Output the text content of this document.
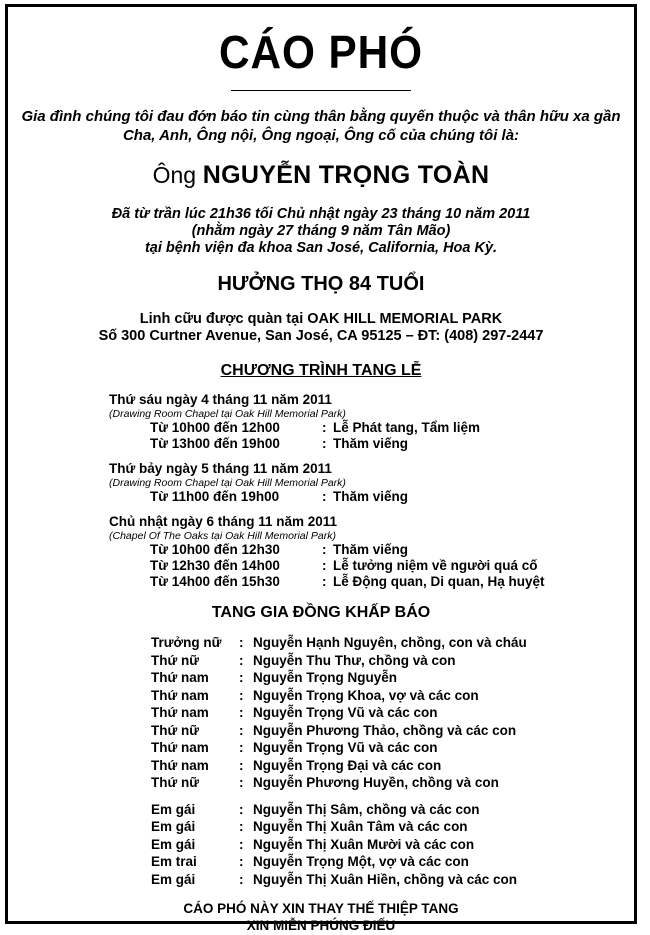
CÁO PHÓ
Gia đình chúng tôi đau đớn báo tin cùng thân bằng quyến thuộc và thân hữu xa gần
Cha, Anh, Ông nội, Ông ngoại, Ông cố của chúng tôi là:
Ông NGUYỄN TRỌNG TOÀN
Đã từ trần lúc 21h36 tối Chủ nhật ngày 23 tháng 10 năm 2011
(nhằm ngày 27 tháng 9 năm Tân Mão)
tại bệnh viện đa khoa San José, California, Hoa Kỳ.
HƯỞNG THỌ 84 TUỔI
Linh cữu được quàn tại OAK HILL MEMORIAL PARK
Số 300 Curtner Avenue, San José, CA 95125 – ĐT: (408) 297-2447
CHƯƠNG TRÌNH TANG LỄ
Thứ sáu ngày 4 tháng 11 năm 2011
(Drawing Room Chapel tại Oak Hill Memorial Park)
Từ 10h00 đến 12h00	: Lễ Phát tang, Tẩm liệm
Từ 13h00 đến 19h00	: Thăm viếng
Thứ bảy ngày 5 tháng 11 năm 2011
(Drawing Room Chapel tại Oak Hill Memorial Park)
Từ 11h00 đến 19h00	: Thăm viếng
Chủ nhật ngày 6 tháng 11 năm 2011
(Chapel Of The Oaks tại Oak Hill Memorial Park)
Từ 10h00 đến 12h30	: Thăm viếng
Từ 12h30 đến 14h00	: Lễ tưởng niệm về người quá cố
Từ 14h00 đến 15h30	: Lễ Động quan, Di quan, Hạ huyệt
TANG GIA ĐỒNG KHẤP BÁO
Trưởng nữ	: Nguyễn Hạnh Nguyên, chồng, con và cháu
Thứ nữ	: Nguyễn Thu Thư, chồng và con
Thứ nam	: Nguyễn Trọng Nguyễn
Thứ nam	: Nguyễn Trọng Khoa, vợ và các con
Thứ nam	: Nguyễn Trọng Vũ và các con
Thứ nữ	: Nguyễn Phương Thảo, chồng và các con
Thứ nam	: Nguyễn Trọng Vũ và các con
Thứ nam	: Nguyễn Trọng Đại và các con
Thứ nữ	: Nguyễn Phương Huyền, chồng và con
Em gái	: Nguyễn Thị Sâm, chồng và các con
Em gái	: Nguyễn Thị Xuân Tâm và các con
Em gái	: Nguyễn Thị Xuân Mười và các con
Em trai	: Nguyễn Trọng Một, vợ và các con
Em gái	: Nguyễn Thị Xuân Hiền, chồng và các con
CÁO PHÓ NÀY XIN THAY THẾ THIỆP TANG
XIN MIỄN PHÚNG ĐIẾU
